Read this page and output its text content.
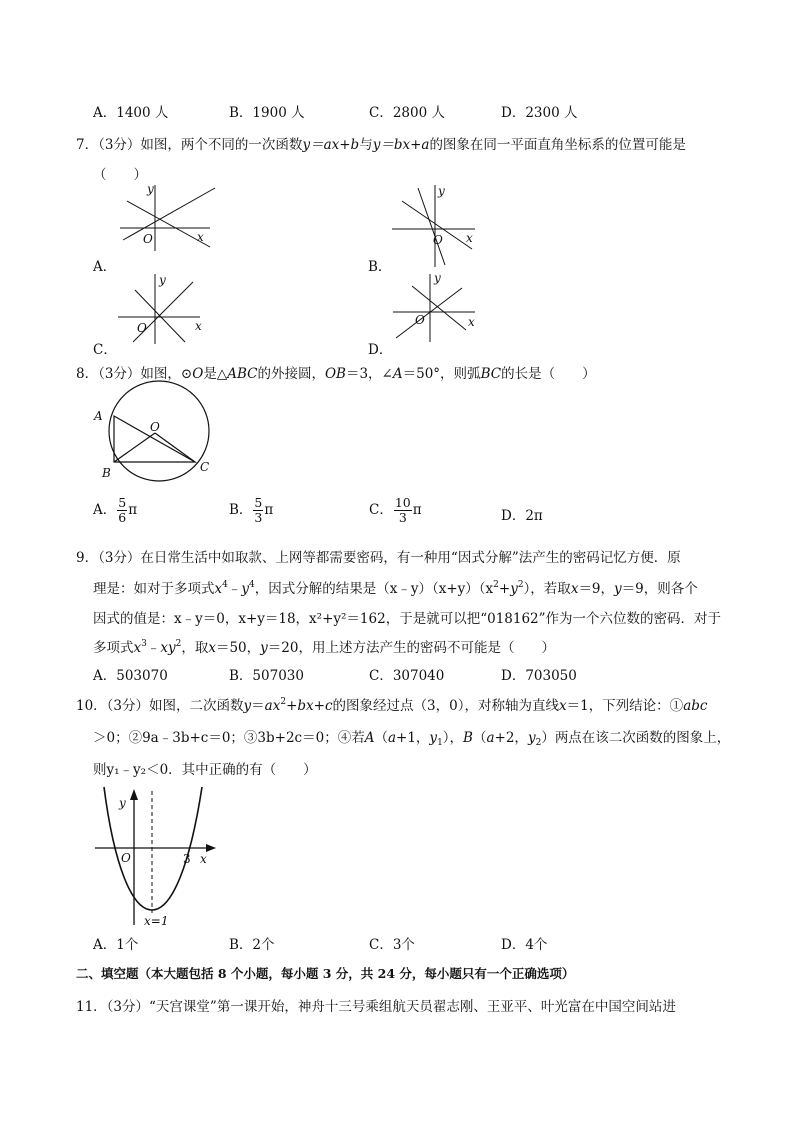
A．1400 人	B．1900 人	C．2800 人	D．2300 人
7．（3分）如图，两个不同的一次函数y＝ax+b与y＝bx+a的图象在同一平面直角坐标系的位置可能是
（　　）
A．	B．
C．	D．
y
x
O
y
x
O
y
x
O
y
x
O
8．（3分）如图，⊙O是△ABC的外接圆，OB＝3，∠A＝50°，则弧BC的长是（　　）
A
B	C
O
A． $\frac{5}{6}$ π	B． $\frac{5}{3}$ π	C． $\frac{10}{3}$ π	D．2π
9．（3分）在日常生活中如取款、上网等都需要密码，有一种用“因式分解”法产生的密码记忆方便．原
理是：如对于多项式$x^4﹣y^4$，因式分解的结果是$(x﹣y)(x+y)(x^2+y^2)$，若取x＝9，y＝9，则各个
因式的值是：x﹣y＝0，x+y＝18，x²+y²＝162，于是就可以把“018162”作为一个六位数的密码．对于
多项式$x^3﹣xy^2$，取x＝50，y＝20，用上述方法产生的密码不可能是（　　）
A．503070	B．507030	C．307040	D．703050
10．（3分）如图，二次函数$y=ax^2+bx+c$的图象经过点（3，0），对称轴为直线x＝1，下列结论：①abc
＞0；②9a﹣3b+c＝0；③3b+2c＝0；④若A（a+1，$y_1$），B（a+2，$y_2$）两点在该二次函数的图象上，
则y₁﹣y₂＜0．其中正确的有（　　）
y
x
O	3
x=1
A．1个	B．2个	C．3个	D．4个
二、填空题（本大题包括 8 个小题，每小题 3 分，共 24 分，每小题只有一个正确选项）
11．（3分）“天宫课堂”第一课开始，神舟十三号乘组航天员翟志刚、王亚平、叶光富在中国空间站进
